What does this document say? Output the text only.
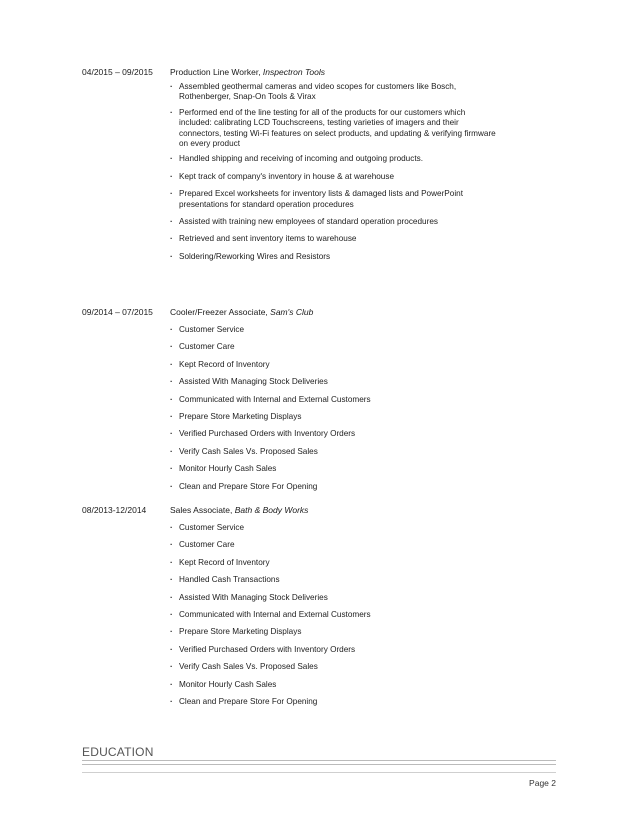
04/2015 – 09/2015 Production Line Worker, Inspectron Tools
· Assembled geothermal cameras and video scopes for customers like Bosch, Rothenberger, Snap-On Tools & Virax
· Performed end of the line testing for all of the products for our customers which included: calibrating LCD Touchscreens, testing varieties of imagers and their connectors, testing Wi-Fi features on select products, and updating & verifying firmware on every product
· Handled shipping and receiving of incoming and outgoing products.
· Kept track of company's inventory in house & at warehouse
· Prepared Excel worksheets for inventory lists & damaged lists and PowerPoint presentations for standard operation procedures
· Assisted with training new employees of standard operation procedures
· Retrieved and sent inventory items to warehouse
· Soldering/Reworking Wires and Resistors
09/2014 – 07/2015 Cooler/Freezer Associate, Sam's Club
· Customer Service
· Customer Care
· Kept Record of Inventory
· Assisted With Managing Stock Deliveries
· Communicated with Internal and External Customers
· Prepare Store Marketing Displays
· Verified Purchased Orders with Inventory Orders
· Verify Cash Sales Vs. Proposed Sales
· Monitor Hourly Cash Sales
· Clean and Prepare Store For Opening
08/2013-12/2014	Sales Associate, Bath & Body Works
· Customer Service
· Customer Care
· Kept Record of Inventory
· Handled Cash Transactions
· Assisted With Managing Stock Deliveries
· Communicated with Internal and External Customers
· Prepare Store Marketing Displays
· Verified Purchased Orders with Inventory Orders
· Verify Cash Sales Vs. Proposed Sales
· Monitor Hourly Cash Sales
· Clean and Prepare Store For Opening
EDUCATION
Page 2
